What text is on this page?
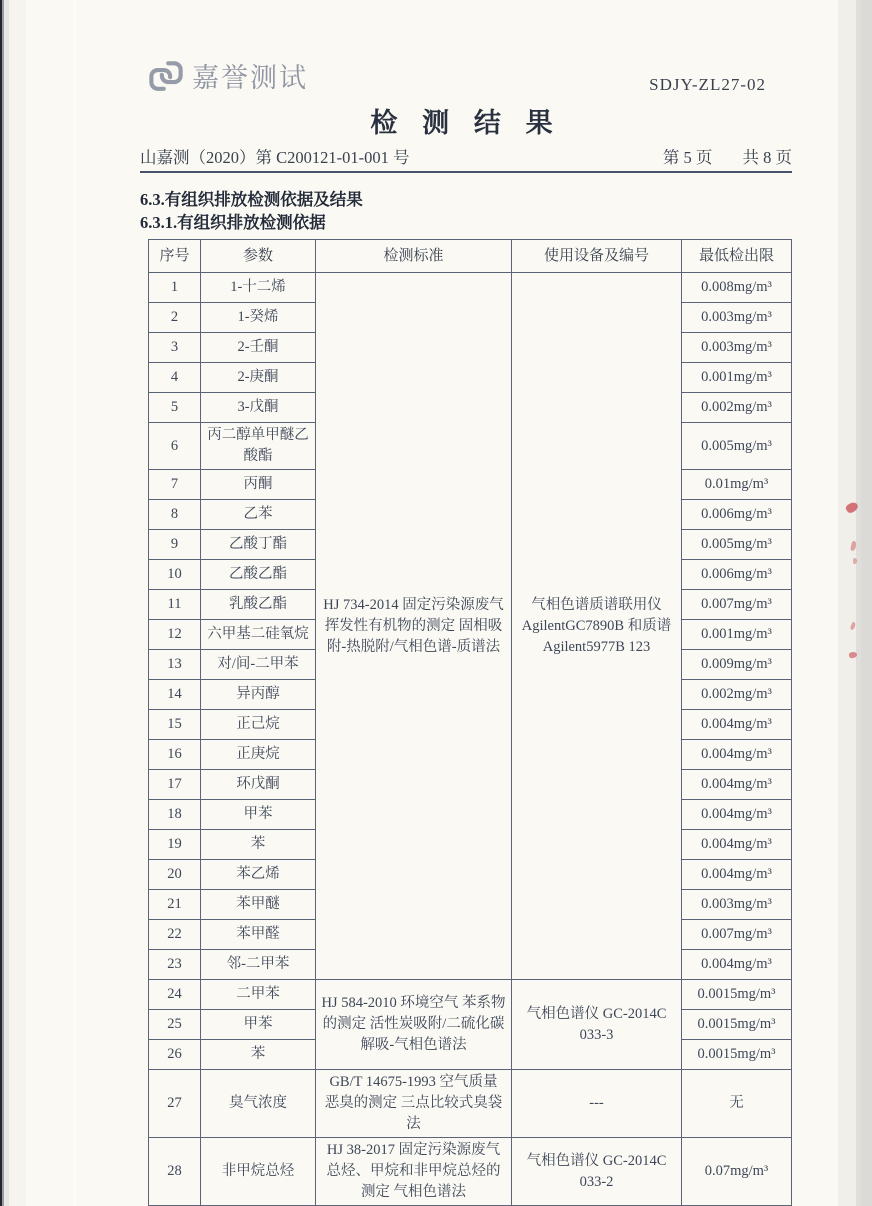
嘉誉测试	SDJY-ZL27-02
检 测 结 果
山嘉测（2020）第 C200121-01-001 号	第 5 页 共 8 页

6.3.有组织排放检测依据及结果

6.3.1.有组织排放检测依据

序号	参数	检测标准	使用设备及编号	最低检出限
1	1-十二烯	HJ 734-2014 固定污染源废气 挥发性有机物的测定 固相吸附-热脱附/气相色谱-质谱法	气相色谱质谱联用仪 AgilentGC7890B 和质谱 Agilent5977B 123	0.008mg/m³
2	1-癸烯			0.003mg/m³
3	2-壬酮			0.003mg/m³
4	2-庚酮			0.001mg/m³
5	3-戊酮			0.002mg/m³
6	丙二醇单甲醚乙酸酯			0.005mg/m³
7	丙酮			0.01mg/m³
8	乙苯			0.006mg/m³
9	乙酸丁酯			0.005mg/m³
10	乙酸乙酯			0.006mg/m³
11	乳酸乙酯			0.007mg/m³
12	六甲基二硅氧烷			0.001mg/m³
13	对/间-二甲苯			0.009mg/m³
14	异丙醇			0.002mg/m³
15	正己烷			0.004mg/m³
16	正庚烷			0.004mg/m³
17	环戊酮			0.004mg/m³
18	甲苯			0.004mg/m³
19	苯			0.004mg/m³
20	苯乙烯			0.004mg/m³
21	苯甲醚			0.003mg/m³
22	苯甲醛			0.007mg/m³
23	邻-二甲苯			0.004mg/m³
24	二甲苯	HJ 584-2010 环境空气 苯系物的测定 活性炭吸附/二硫化碳解吸-气相色谱法	气相色谱仪 GC-2014C 033-3	0.0015mg/m³
25	甲苯			0.0015mg/m³
26	苯			0.0015mg/m³
27	臭气浓度	GB/T 14675-1993 空气质量 恶臭的测定 三点比较式臭袋法	---	无
28	非甲烷总烃	HJ 38-2017 固定污染源废气 总烃、甲烷和非甲烷总烃的测定 气相色谱法	气相色谱仪 GC-2014C 033-2	0.07mg/m³
